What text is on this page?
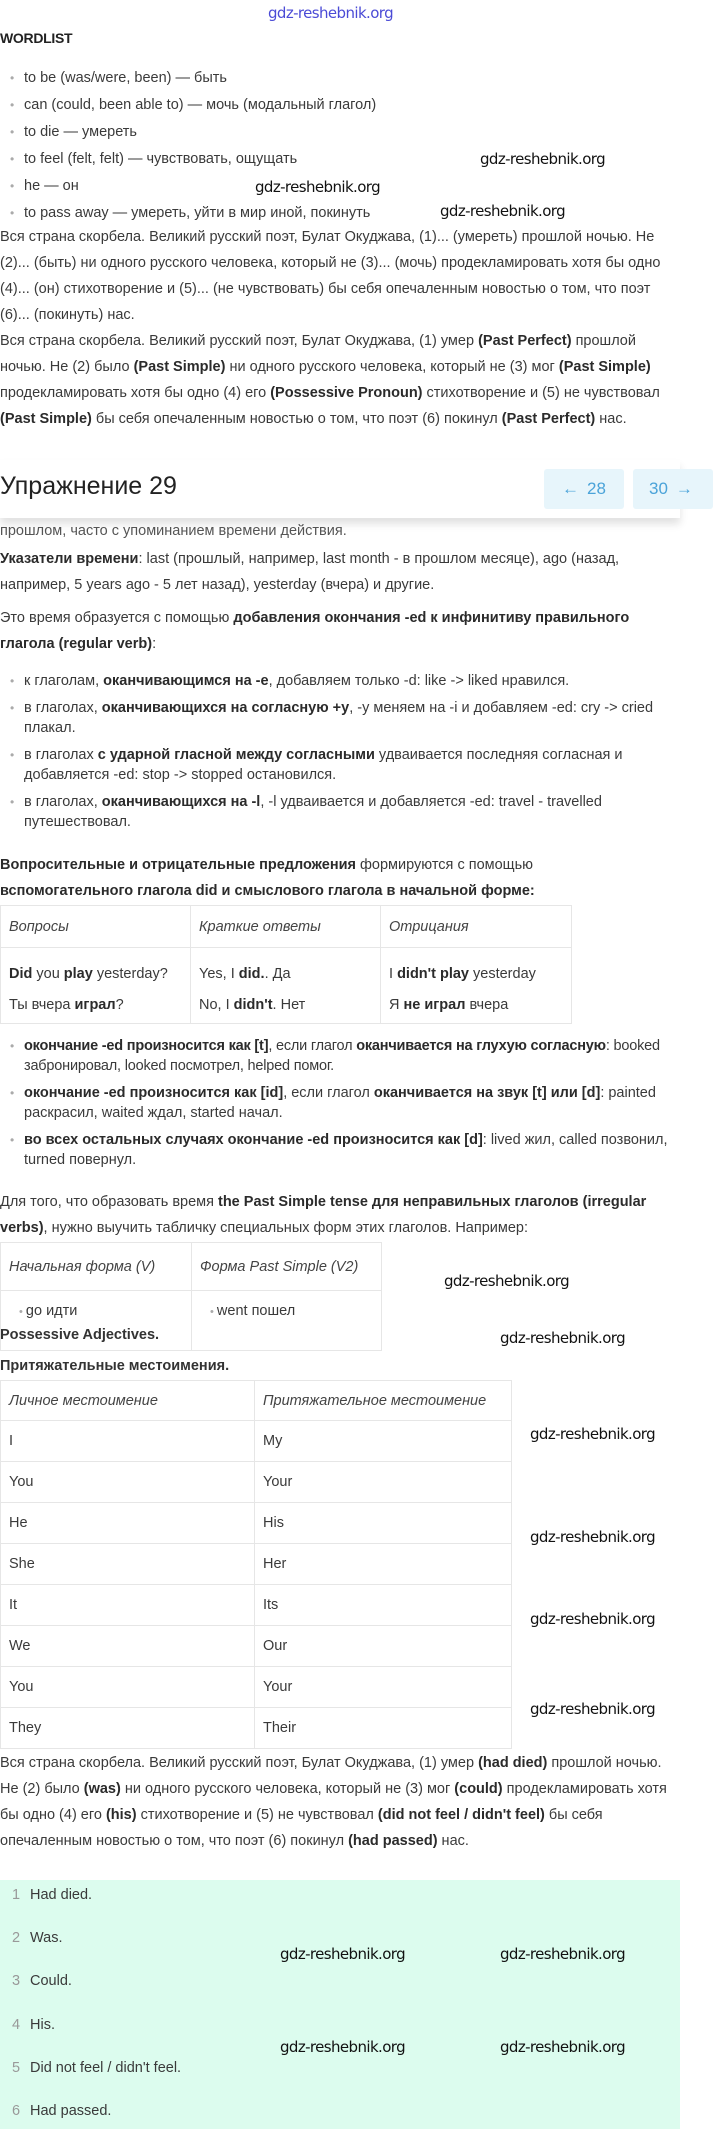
WORDLIST
• to be (was/were, been) — быть
• can (could, been able to) — мочь (модальный глагол)
• to die — умереть
• to feel (felt, felt) — чувствовать, ощущать
• he — он
• to pass away — умереть, уйти в мир иной, покинуть
Вся страна скорбела. Великий русский поэт, Булат Окуджава, (1)... (умереть) прошлой ночью. Не (2)... (быть) ни одного русского человека, который не (3)... (мочь) продекламировать хотя бы одно (4)... (он) стихотворение и (5)... (не чувствовать) бы себя опечаленным новостью о том, что поэт (6)... (покинуть) нас.
Вся страна скорбела. Великий русский поэт, Булат Окуджава, (1) умер (Past Perfect) прошлой ночью. Не (2) было (Past Simple) ни одного русского человека, который не (3) мог (Past Simple) продекламировать хотя бы одно (4) его (Possessive Pronoun) стихотворение и (5) не чувствовал (Past Simple) бы себя опечаленным новостью о том, что поэт (6) покинул (Past Perfect) нас.
Упражнение 29	← 28	30 →
прошлом, часто с упоминанием времени действия.
Указатели времени: last (прошлый, например, last month - в прошлом месяце), ago (назад, например, 5 years ago - 5 лет назад), yesterday (вчера) и другие.
Это время образуется с помощью добавления окончания -ed к инфинитиву правильного глагола (regular verb):
• к глаголам, оканчивающимся на -e, добавляем только -d: like -> liked нравился.
• в глаголах, оканчивающихся на согласную +y, -y меняем на -i и добавляем -ed: cry -> cried плакал.
• в глаголах с ударной гласной между согласными удваивается последняя согласная и добавляется -ed: stop -> stopped остановился.
• в глаголах, оканчивающихся на -l, -l удваивается и добавляется -ed: travel - travelled путешествовал.
Вопросительные и отрицательные предложения формируются с помощью
вспомогательного глагола did и смыслового глагола в начальной форме:
Вопросы	Краткие ответы	Отрицания
Did you play yesterday?	Yes, I did.. Да	I didn't play yesterday
Ты вчера играл?	No, I didn't. Нет	Я не играл вчера
• окончание -ed произносится как [t], если глагол оканчивается на глухую согласную: booked забронировал, looked посмотрел, helped помог.
• окончание -ed произносится как [id], если глагол оканчивается на звук [t] или [d]: painted раскрасил, waited ждал, started начал.
• во всех остальных случаях окончание -ed произносится как [d]: lived жил, called позвонил, turned повернул.
Для того, что образовать время the Past Simple tense для неправильных глаголов (irregular verbs), нужно выучить табличку специальных форм этих глаголов. Например:
Начальная форма (V)	Форма Past Simple (V2)
• go идти	• went пошел
Possessive Adjectives.
Притяжательные местоимения.
Личное местоимение	Притяжательное местоимение
I	My
You	Your
He	His
She	Her
It	Its
We	Our
You	Your
They	Their
Вся страна скорбела. Великий русский поэт, Булат Окуджава, (1) умер (had died) прошлой ночью. Не (2) было (was) ни одного русского человека, который не (3) мог (could) продекламировать хотя бы одно (4) его (his) стихотворение и (5) не чувствовал (did not feel / didn't feel) бы себя опечаленным новостью о том, что поэт (6) покинул (had passed) нас.
1 Had died.
2 Was.
3 Could.
4 His.
5 Did not feel / didn't feel.
6 Had passed.
gdz-reshebnik.org
gdz-reshebnik.org
gdz-reshebnik.org
gdz-reshebnik.org
gdz-reshebnik.org
gdz-reshebnik.org
gdz-reshebnik.org
gdz-reshebnik.org
gdz-reshebnik.org
gdz-reshebnik.org
gdz-reshebnik.org	gdz-reshebnik.org
gdz-reshebnik.org	gdz-reshebnik.org
